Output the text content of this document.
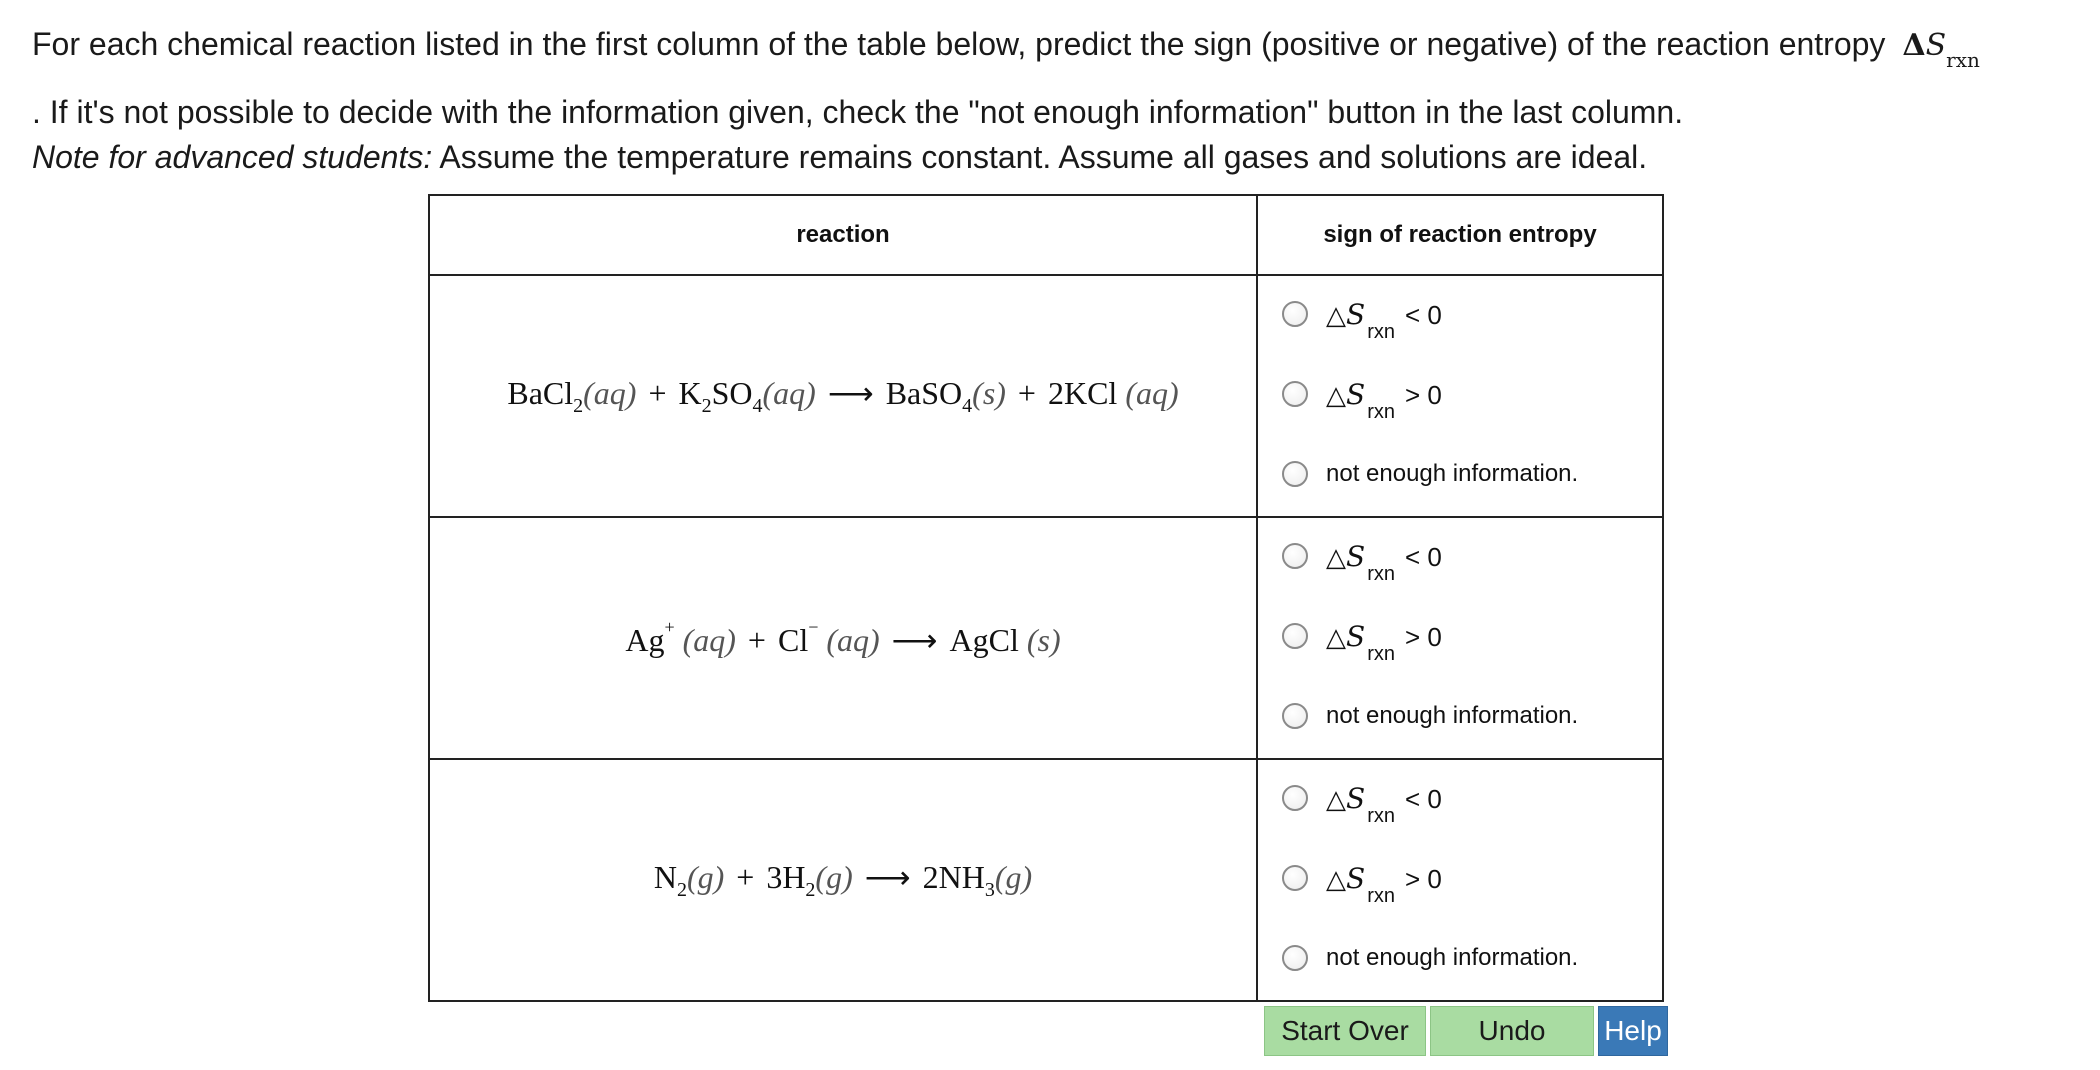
For each chemical reaction listed in the first column of the table below, predict the sign (positive or negative) of the reaction entropy $\Delta S_{rxn}$
. If it's not possible to decide with the information given, check the "not enough information" button in the last column.
Note for advanced students: Assume the temperature remains constant. Assume all gases and solutions are ideal.
reaction	sign of reaction entropy
BaCl$_2$(aq) + $K_2SO_4(aq)$ ⟶ BaSO$_4$(s) + 2KCl (aq)	$\triangle S_{rxn}< 0$
$\triangle S_{rxn}> 0$
not enough information.

Ag+ (aq) + Cl− (aq) ⟶ AgCl (s)	$\triangle S_{rxn}< 0$
$\triangle S_{rxn}> 0$
not enough information.

$N_2(g) + 3H_2(g)$ ⟶ $2NH_3(g)$	$\triangle S_{rxn}< 0$
$\triangle S_{rxn}> 0$
not enough information.
Start Over	Undo	Help
